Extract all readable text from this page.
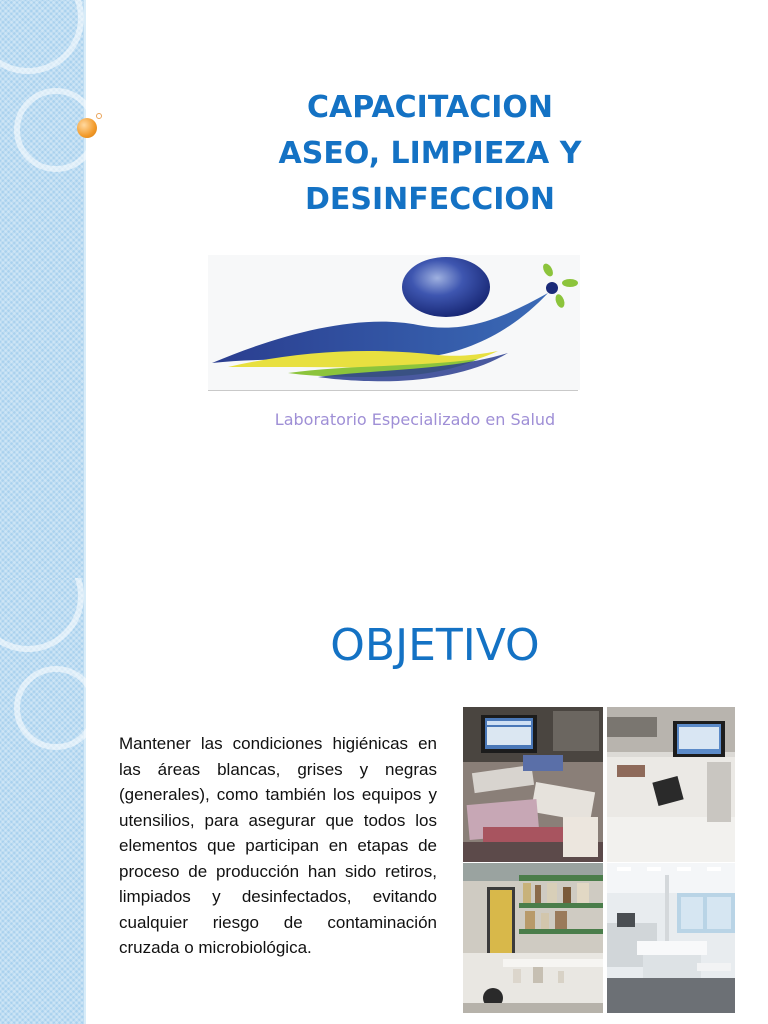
CAPACITACION
ASEO, LIMPIEZA Y
DESINFECCION
Laboratorio Especializado en Salud
OBJETIVO
Mantener las condiciones higiénicas en las áreas blancas, grises y negras (generales), como también los equipos y utensilios, para asegurar que todos los elementos que participan en etapas de proceso de producción han sido retiros, limpiados y desinfectados, evitando cualquier riesgo de contaminación cruzada o microbiológica.
